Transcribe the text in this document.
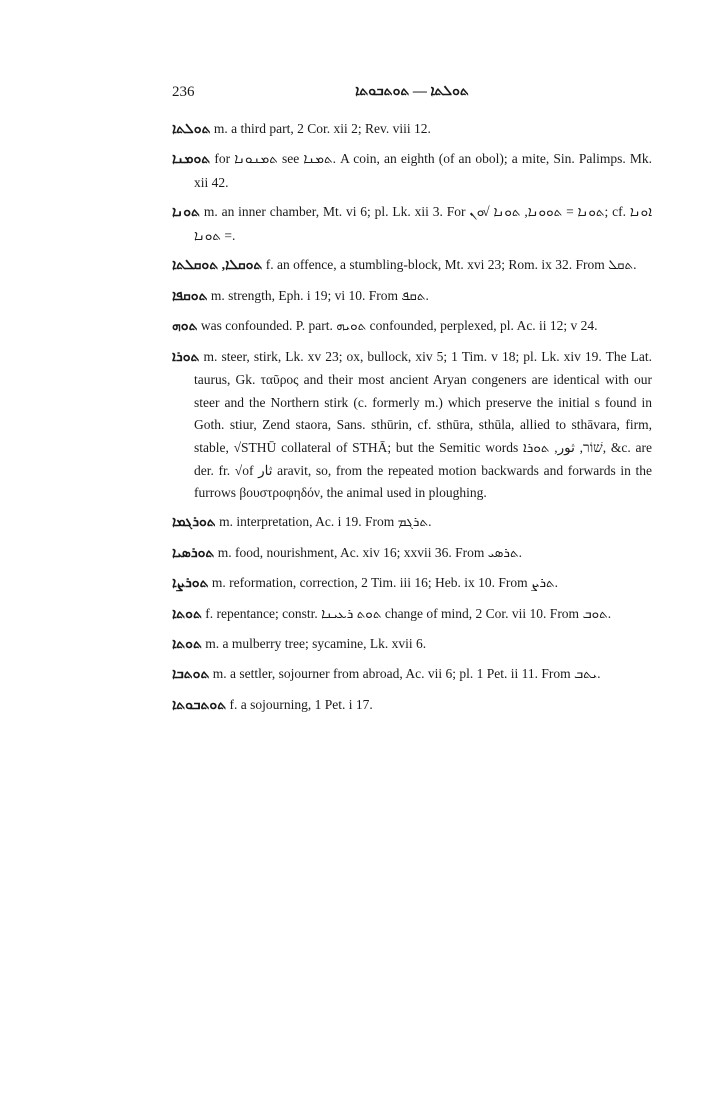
236	ܬܘܠܬܐ — ܬܘܬܒܘܬܐ

ܬܘܠܬܐ m. a third part, 2 Cor. xii 2; Rev. viii 12.

ܬܘܡܢܐ for ܬܡܢܘܢܐ see ܬܡܢܐ. A coin, an eighth (of an obol); a mite, Sin. Palimps. Mk. xii 42.

ܬܘܢܐ m. an inner chamber, Mt. vi 6; pl. Lk. xii 3. For ܬܘܢܐ = ܬܘܘܢܐ, ܬܘܢܐ √ܘܢ; cf. ܐܘܢܐ = ܬܘܢܐ.

ܬܘܩܠܐ, ܬܘܩܠܬܐ f. an offence, a stumbling-block, Mt. xvi 23; Rom. ix 32. From ܬܩܠ.

ܬܘܩܦܐ m. strength, Eph. i 19; vi 10. From ܬܩܦ.

ܬܘܗ was confounded. P. part. ܬܘܝܗ confounded, perplexed, pl. Ac. ii 12; v 24.

ܬܘܪܐ m. steer, stirk, Lk. xv 23; ox, bullock, xiv 5; 1 Tim. v 18; pl. Lk. xiv 19. The Lat. taurus, Gk. ταῦρος and their most ancient Aryan congeners are identical with our steer and the Northern stirk (c. formerly m.) which preserve the initial s found in Goth. stiur, Zend staora, Sans. sthūrin, cf. sthūra, sthūla, allied to sthāvara, firm, stable, √STHŪ collateral of STHĀ; but the Semitic words שׁוֹר, ثور, ܬܘܪܐ, &c. are der. fr. √of ثار aravit, so, from the repeated motion backwards and forwards in the furrows βουστροφηδόν, the animal used in ploughing.

ܬܘܪܓܡܐ m. interpretation, Ac. i 19. From ܬܪܓܡ.

ܬܘܪܣܝܐ m. food, nourishment, Ac. xiv 16; xxvii 36. From ܬܪܣܝ.

ܬܘܪܨܐ m. reformation, correction, 2 Tim. iii 16; Heb. ix 10. From ܬܪܨ.

ܬܘܬܐ f. repentance; constr. ܬܘܬ ܪܥܝܢܐ change of mind, 2 Cor. vii 10. From ܬܘܒ.

ܬܘܬܐ m. a mulberry tree; sycamine, Lk. xvii 6.

ܬܘܬܒܐ m. a settler, sojourner from abroad, Ac. vii 6; pl. 1 Pet. ii 11. From ܝܬܒ.

ܬܘܬܒܘܬܐ f. a sojourning, 1 Pet. i 17.
